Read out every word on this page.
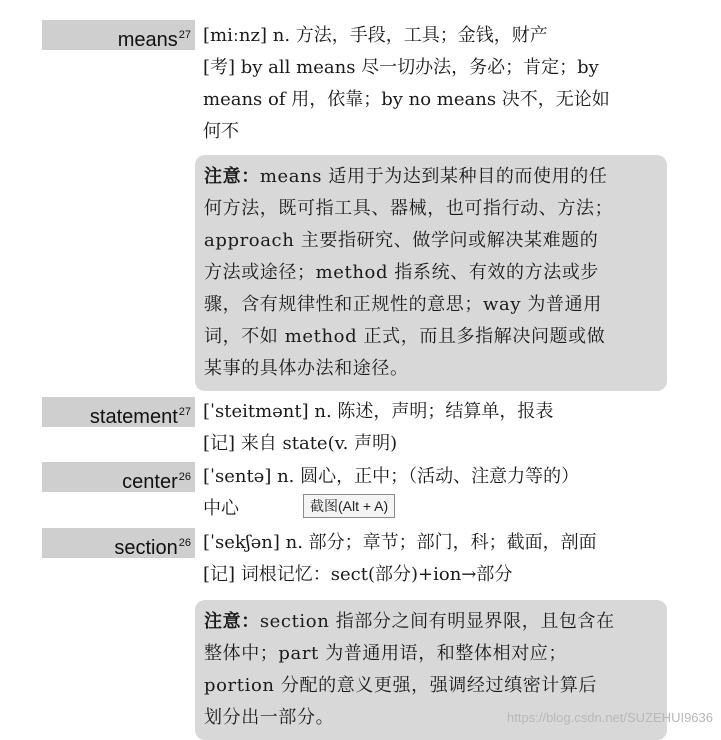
means$^{27}$ [miːnz] n. 方法，手段，工具；金钱，财产
[考] by all means 尽一切办法，务必；肯定；by
means of 用，依靠；by no means 决不，无论如
何不
注意：means 适用于为达到某种目的而使用的任
何方法，既可指工具、器械，也可指行动、方法；
approach 主要指研究、做学问或解决某难题的
方法或途径；method 指系统、有效的方法或步
骤，含有规律性和正规性的意思；way 为普通用
词，不如 method 正式，而且多指解决问题或做
某事的具体办法和途径。
statement$^{27}$ [ˈsteitmənt] n. 陈述，声明；结算单，报表
[记] 来自 state(v. 声明)
center$^{26}$ [ˈsentə] n. 圆心，正中；（活动、注意力等的）
中心
section$^{26}$ [ˈsekʃən] n. 部分；章节；部门，科；截面，剖面
[记] 词根记忆：sect(部分)+ion→部分
注意：section 指部分之间有明显界限，且包含在
整体中；part 为普通用语，和整体相对应；
portion 分配的意义更强，强调经过缜密计算后
划分出一部分。
截图(Alt + A)
https://blog.csdn.net/SUZEHUI9636
